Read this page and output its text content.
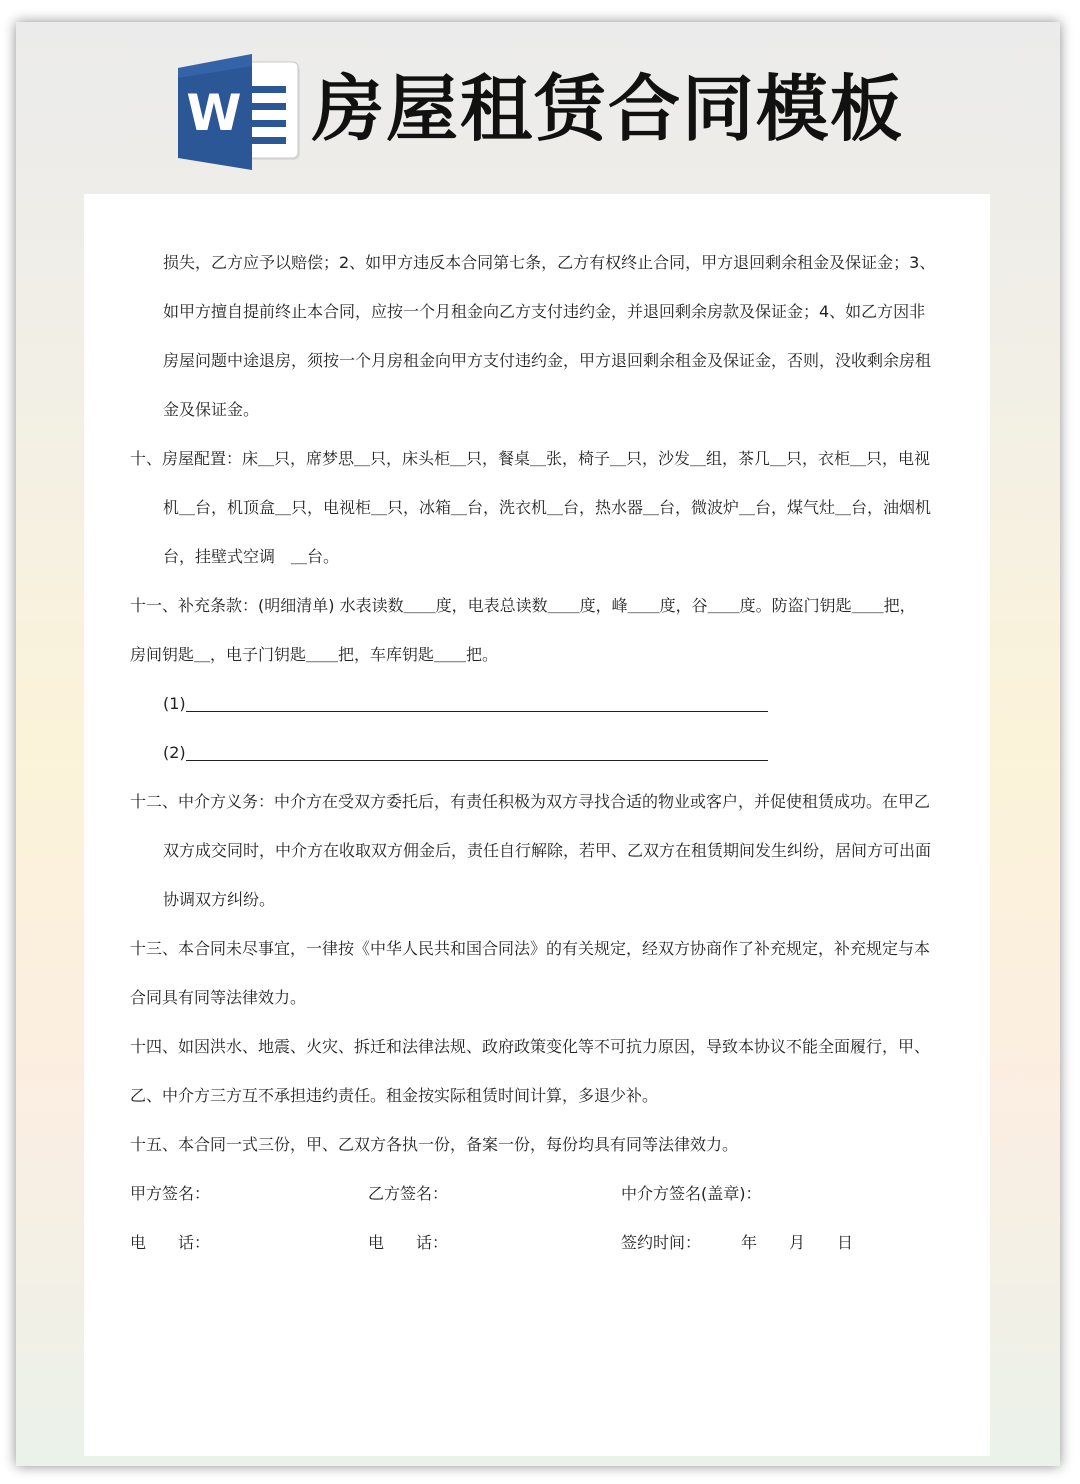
W 房屋租赁合同模板
损失，乙方应予以赔偿；2、如甲方违反本合同第七条，乙方有权终止合同，甲方退回剩余租金及保证金；3、
如甲方擅自提前终止本合同，应按一个月租金向乙方支付违约金，并退回剩余房款及保证金；4、如乙方因非
房屋问题中途退房，须按一个月房租金向甲方支付违约金，甲方退回剩余租金及保证金，否则，没收剩余房租
金及保证金。
十、房屋配置：床＿只，席梦思＿只，床头柜＿只，餐桌＿张，椅子＿只，沙发＿组，茶几＿只，衣柜＿只，电视
机＿台，机顶盒＿只，电视柜＿只，冰箱＿台，洗衣机＿台，热水器＿台，微波炉＿台，煤气灶＿台，油烟机
台，挂壁式空调　＿台。
十一、补充条款：(明细清单) 水表读数＿＿度，电表总读数＿＿度，峰＿＿度，谷＿＿度。防盗门钥匙＿＿把，
房间钥匙＿，电子门钥匙＿＿把，车库钥匙＿＿把。
(1)
(2)
十二、中介方义务：中介方在受双方委托后，有责任积极为双方寻找合适的物业或客户，并促使租赁成功。在甲乙
双方成交同时，中介方在收取双方佣金后，责任自行解除，若甲、乙双方在租赁期间发生纠纷，居间方可出面
协调双方纠纷。
十三、本合同未尽事宜，一律按《中华人民共和国合同法》的有关规定，经双方协商作了补充规定，补充规定与本
合同具有同等法律效力。
十四、如因洪水、地震、火灾、拆迁和法律法规、政府政策变化等不可抗力原因，导致本协议不能全面履行，甲、
乙、中介方三方互不承担违约责任。租金按实际租赁时间计算，多退少补。
十五、本合同一式三份，甲、乙双方各执一份，备案一份，每份均具有同等法律效力。
甲方签名：	乙方签名：	中介方签名(盖章)：
电　　话：	电　　话：	签约时间：　　　年　　月　　日
